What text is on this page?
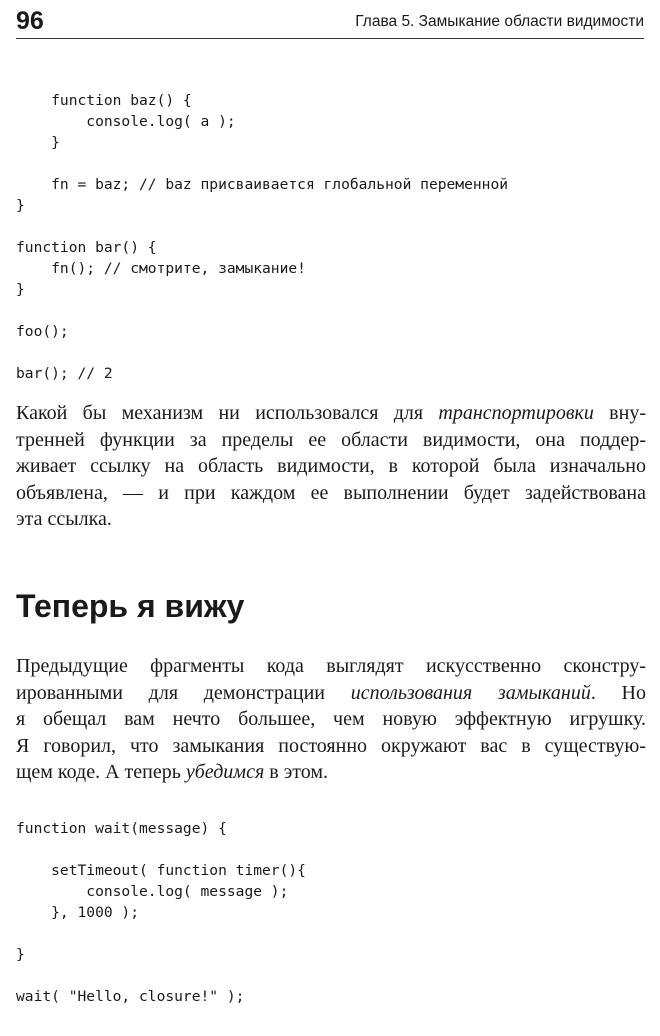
96	Глава 5. Замыкание области видимости
function baz() {
console.log( a );
}

fn = baz; // baz присваивается глобальной переменной
}

function bar() {
fn(); // смотрите, замыкание!
}

foo();

bar(); // 2
Какой бы механизм ни использовался для транспортировки вну-
тренней функции за пределы ее области видимости, она поддер-
живает ссылку на область видимости, в которой была изначально
объявлена, — и при каждом ее выполнении будет задействована
эта ссылка.
Теперь я вижу
Предыдущие фрагменты кода выглядят искусственно сконстру-
ированными для демонстрации использования замыканий. Но
я обещал вам нечто большее, чем новую эффектную игрушку.
Я говорил, что замыкания постоянно окружают вас в существую-
щем коде. А теперь убедимся в этом.
function wait(message) {

setTimeout( function timer(){
console.log( message );
}, 1000 );

}

wait( "Hello, closure!" );
